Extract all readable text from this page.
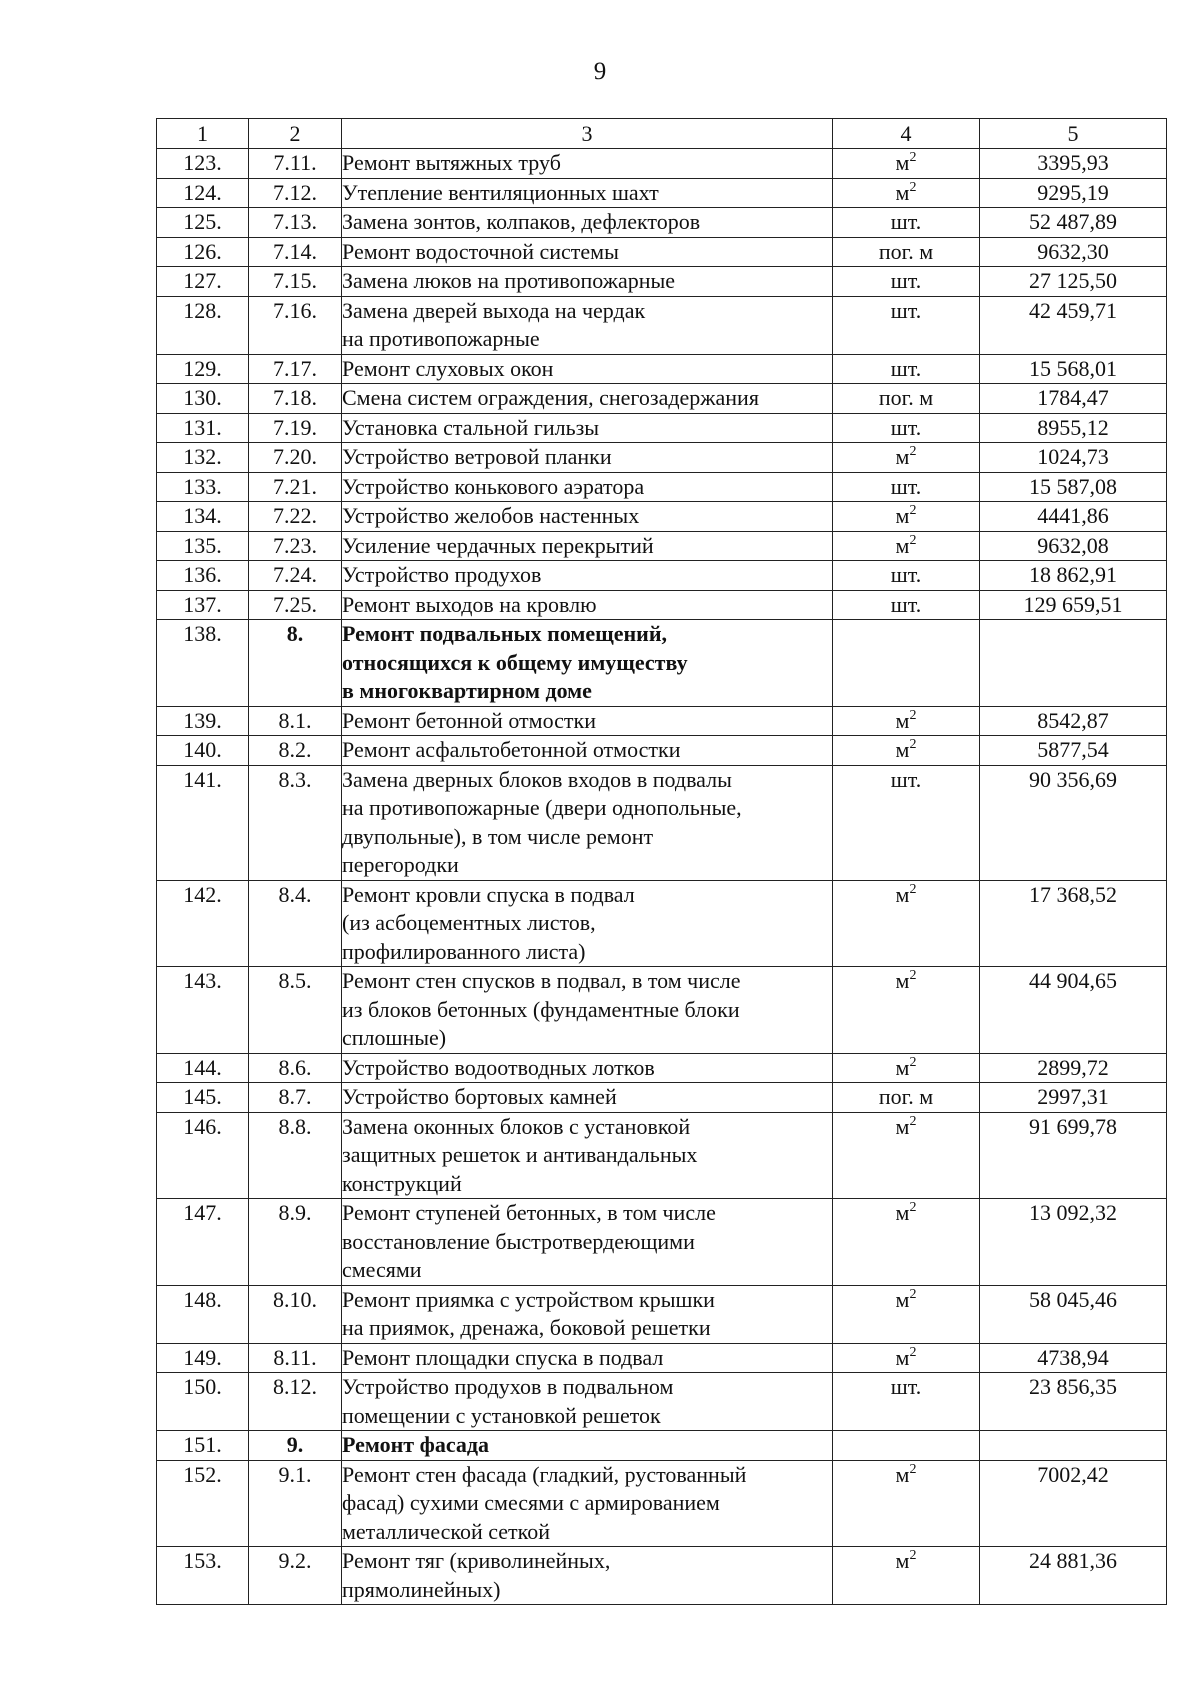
9
1	2	3	4	5
123.	7.11.	Ремонт вытяжных труб	$м^2$	3395,93
124.	7.12.	Утепление вентиляционных шахт	$м^2$	9295,19
125.	7.13.	Замена зонтов, колпаков, дефлекторов	шт.	52 487,89
126.	7.14.	Ремонт водосточной системы	пог. м	9632,30
127.	7.15.	Замена люков на противопожарные	шт.	27 125,50
128.	7.16.	Замена дверей выхода на чердак
на противопожарные	шт.	42 459,71
129.	7.17.	Ремонт слуховых окон	шт.	15 568,01
130.	7.18.	Смена систем ограждения, снегозадержания	пог. м	1784,47
131.	7.19.	Установка стальной гильзы	шт.	8955,12
132.	7.20.	Устройство ветровой планки	$м^2$	1024,73
133.	7.21.	Устройство конькового аэратора	шт.	15 587,08
134.	7.22.	Устройство желобов настенных	$м^2$	4441,86
135.	7.23.	Усиление чердачных перекрытий	$м^2$	9632,08
136.	7.24.	Устройство продухов	шт.	18 862,91
137.	7.25.	Ремонт выходов на кровлю	шт.	129 659,51
138.	8.	Ремонт подвальных помещений,
относящихся к общему имуществу
в многоквартирном доме		

139.	8.1.	Ремонт бетонной отмостки	$м^2$	8542,87
140.	8.2.	Ремонт асфальтобетонной отмостки	$м^2$	5877,54
141.	8.3.	Замена дверных блоков входов в подвалы
на противопожарные (двери однопольные,
двупольные), в том числе ремонт
перегородки	шт.	90 356,69
142.	8.4.	Ремонт кровли спуска в подвал
(из асбоцементных листов,
профилированного листа)	$м^2$	17 368,52
143.	8.5.	Ремонт стен спусков в подвал, в том числе
из блоков бетонных (фундаментные блоки
сплошные)	$м^2$	44 904,65
144.	8.6.	Устройство водоотводных лотков	$м^2$	2899,72
145.	8.7.	Устройство бортовых камней	пог. м	2997,31
146.	8.8.	Замена оконных блоков с установкой
защитных решеток и антивандальных
конструкций	$м^2$	91 699,78
147.	8.9.	Ремонт ступеней бетонных, в том числе
восстановление быстротвердеющими
смесями	$м^2$	13 092,32
148.	8.10.	Ремонт приямка с устройством крышки
на приямок, дренажа, боковой решетки	$м^2$	58 045,46
149.	8.11.	Ремонт площадки спуска в подвал	$м^2$	4738,94
150.	8.12.	Устройство продухов в подвальном
помещении с установкой решеток	шт.	23 856,35
151.	9.	Ремонт фасада		

152.	9.1.	Ремонт стен фасада (гладкий, рустованный
фасад) сухими смесями с армированием
металлической сеткой	$м^2$	7002,42
153.	9.2.	Ремонт тяг (криволинейных,
прямолинейных)	$м^2$	24 881,36
